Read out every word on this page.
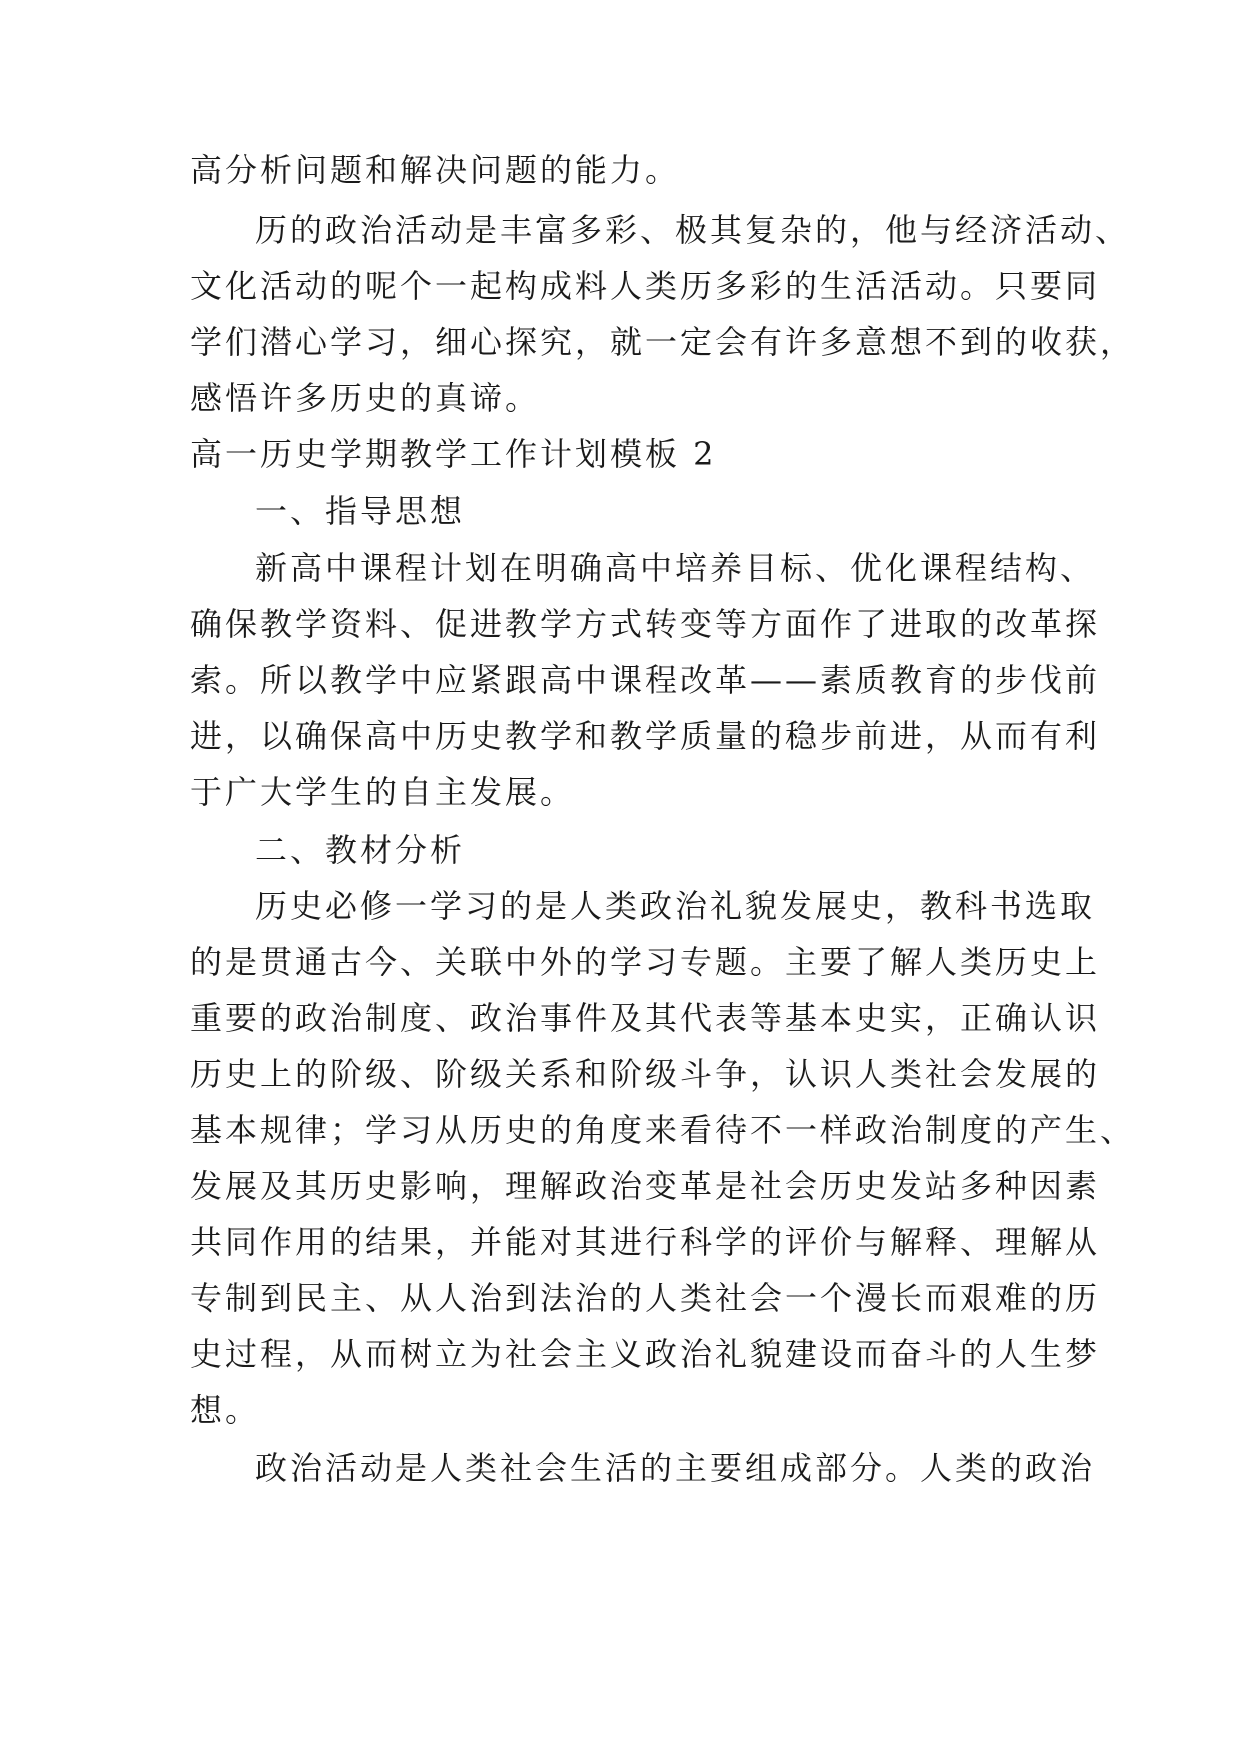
高分析问题和解决问题的能力。
历的政治活动是丰富多彩、极其复杂的，他与经济活动、
文化活动的呢个一起构成料人类历多彩的生活活动。只要同
学们潜心学习，细心探究，就一定会有许多意想不到的收获，
感悟许多历史的真谛。
高一历史学期教学工作计划模板 2
一、指导思想
新高中课程计划在明确高中培养目标、优化课程结构、
确保教学资料、促进教学方式转变等方面作了进取的改革探
索。所以教学中应紧跟高中课程改革——素质教育的步伐前
进，以确保高中历史教学和教学质量的稳步前进，从而有利
于广大学生的自主发展。
二、教材分析
历史必修一学习的是人类政治礼貌发展史，教科书选取
的是贯通古今、关联中外的学习专题。主要了解人类历史上
重要的政治制度、政治事件及其代表等基本史实，正确认识
历史上的阶级、阶级关系和阶级斗争，认识人类社会发展的
基本规律；学习从历史的角度来看待不一样政治制度的产生、
发展及其历史影响，理解政治变革是社会历史发站多种因素
共同作用的结果，并能对其进行科学的评价与解释、理解从
专制到民主、从人治到法治的人类社会一个漫长而艰难的历
史过程，从而树立为社会主义政治礼貌建设而奋斗的人生梦
想。
政治活动是人类社会生活的主要组成部分。人类的政治
